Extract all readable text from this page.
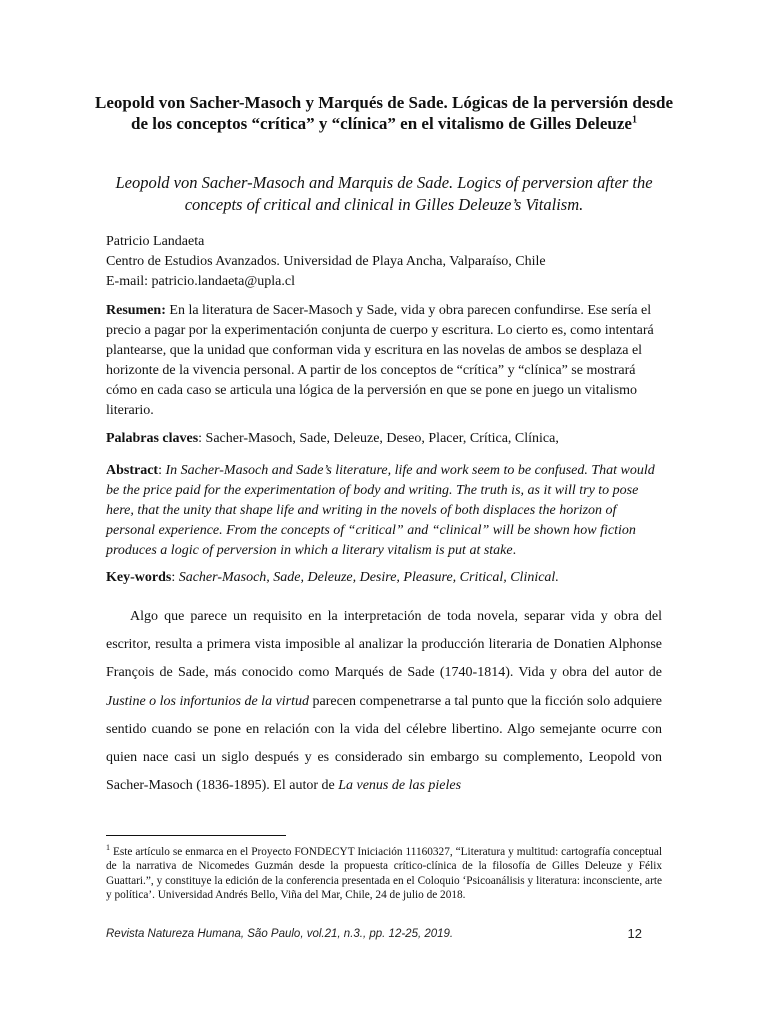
Leopold von Sacher-Masoch y Marqués de Sade. Lógicas de la perversión desde de los conceptos “crítica” y “clínica” en el vitalismo de Gilles Deleuze$^1$
Leopold von Sacher-Masoch and Marquis de Sade. Logics of perversion after the concepts of critical and clinical in Gilles Deleuze’s Vitalism.
Patricio Landaeta
Centro de Estudios Avanzados. Universidad de Playa Ancha, Valparaíso, Chile
E-mail: patricio.landaeta@upla.cl
Resumen: En la literatura de Sacer-Masoch y Sade, vida y obra parecen confundirse. Ese sería el precio a pagar por la experimentación conjunta de cuerpo y escritura. Lo cierto es, como intentará plantearse, que la unidad que conforman vida y escritura en las novelas de ambos se desplaza el horizonte de la vivencia personal. A partir de los conceptos de “crítica” y “clínica” se mostrará cómo en cada caso se articula una lógica de la perversión en que se pone en juego un vitalismo literario.
Palabras claves: Sacher-Masoch, Sade, Deleuze, Deseo, Placer, Crítica, Clínica,
Abstract: In Sacher-Masoch and Sade’s literature, life and work seem to be confused. That would be the price paid for the experimentation of body and writing. The truth is, as it will try to pose here, that the unity that shape life and writing in the novels of both displaces the horizon of personal experience. From the concepts of “critical” and “clinical” will be shown how fiction produces a logic of perversion in which a literary vitalism is put at stake.
Key-words: Sacher-Masoch, Sade, Deleuze, Desire, Pleasure, Critical, Clinical.

Algo que parece un requisito en la interpretación de toda novela, separar vida y obra del escritor, resulta a primera vista imposible al analizar la producción literaria de Donatien Alphonse François de Sade, más conocido como Marqués de Sade (1740-1814). Vida y obra del autor de Justine o los infortunios de la virtud parecen compenetrarse a tal punto que la ficción solo adquiere sentido cuando se pone en relación con la vida del célebre libertino. Algo semejante ocurre con quien nace casi un siglo después y es considerado sin embargo su complemento, Leopold von Sacher-Masoch (1836-1895). El autor de La venus de las pieles

$^1$ Este artículo se enmarca en el Proyecto FONDECYT Iniciación 11160327, “Literatura y multitud: cartografía conceptual de la narrativa de Nicomedes Guzmán desde la propuesta crítico-clínica de la filosofía de Gilles Deleuze y Félix Guattari.”, y constituye la edición de la conferencia presentada en el Coloquio ‘Psicoanálisis y literatura: inconsciente, arte y política’. Universidad Andrés Bello, Viña del Mar, Chile, 24 de julio de 2018.
Revista Natureza Humana, São Paulo, vol.21, n.3., pp. 12-25, 2019.	12
